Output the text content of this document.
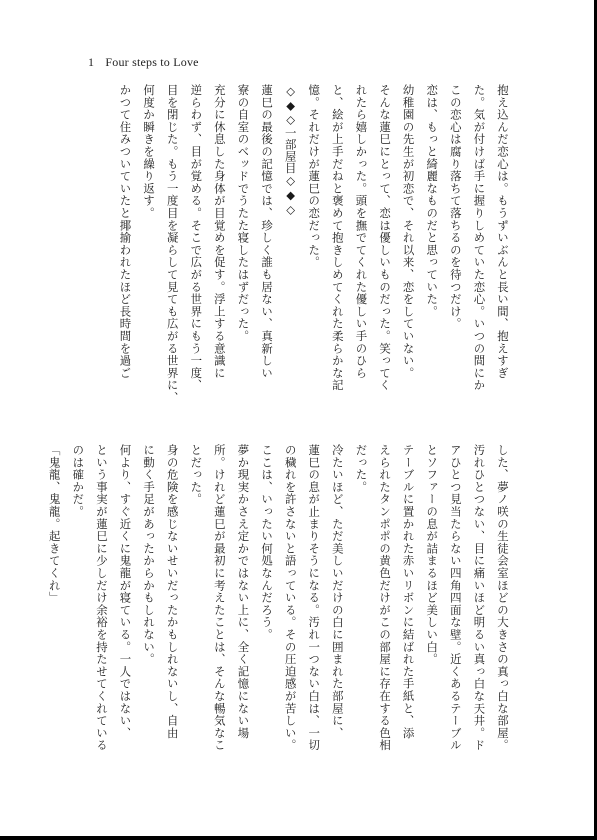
1 Four steps to Love

抱え込んだ恋心は。もうずいぶんと長い間、抱えすぎ

た。気が付けば手に握りしめていた恋心。いつの間にか

この恋心は腐り落ちて落ちるのを待つだけ。

恋は、もっと綺麗なものだと思っていた。

幼稚園の先生が初恋で、それ以来、恋をしていない。

そんな蓮巳にとって、恋は優しいものだった。笑ってく

れたら嬉しかった。頭を撫でてくれた優しい手のひら

と、絵が上手だねと褒めて抱きしめてくれた柔らかな記

憶。それだけが蓮巳の恋だった。

◇◆◇一部屋目◇◆◇

蓮巳の最後の記憶では、珍しく誰も居ない、真新しい

寮の自室のベッドでうたた寝したはずだった。

充分に休息した身体が目覚めを促す。浮上する意識に

逆らわず、目が覚める。そこで広がる世界にもう一度、

目を閉じた。もう一度目を凝らして見ても広がる世界に、

何度か瞬きを繰り返す。

かつて住みついていたと揶揄われたほど長時間を過ご

した、夢ノ咲の生徒会室ほどの大きさの真っ白な部屋。

汚れひとつない、目に痛いほど明るい真っ白な天井。ド

アひとつ見当たらない四角四面な壁。近くあるテーブル

とソファーの息が詰まるほど美しい白。

テーブルに置かれた赤いリボンに結ばれた手紙と、添

えられたタンポポの黄色だけがこの部屋に存在する色相

だった。

冷たいほど、ただ美しいだけの白に囲まれた部屋に、

蓮巳の息が止まりそうになる。汚れ一つない白は、一切

の穢れを許さないと語っている。その圧迫感が苦しい。

ここは、いったい何処なんだろう。

夢か現実かさえ定かではない上に、全く記憶にない場

所。けれど蓮巳が最初に考えたことは、そんな暢気なこ

とだった。

身の危険を感じないせいだったかもしれないし、自由

に動く手足があったからかもしれない。

何より、すぐ近くに鬼龍が寝ている。一人ではない、

という事実が蓮巳に少しだけ余裕を持たせてくれている

のは確かだ。

「鬼龍、鬼龍。起きてくれ」
